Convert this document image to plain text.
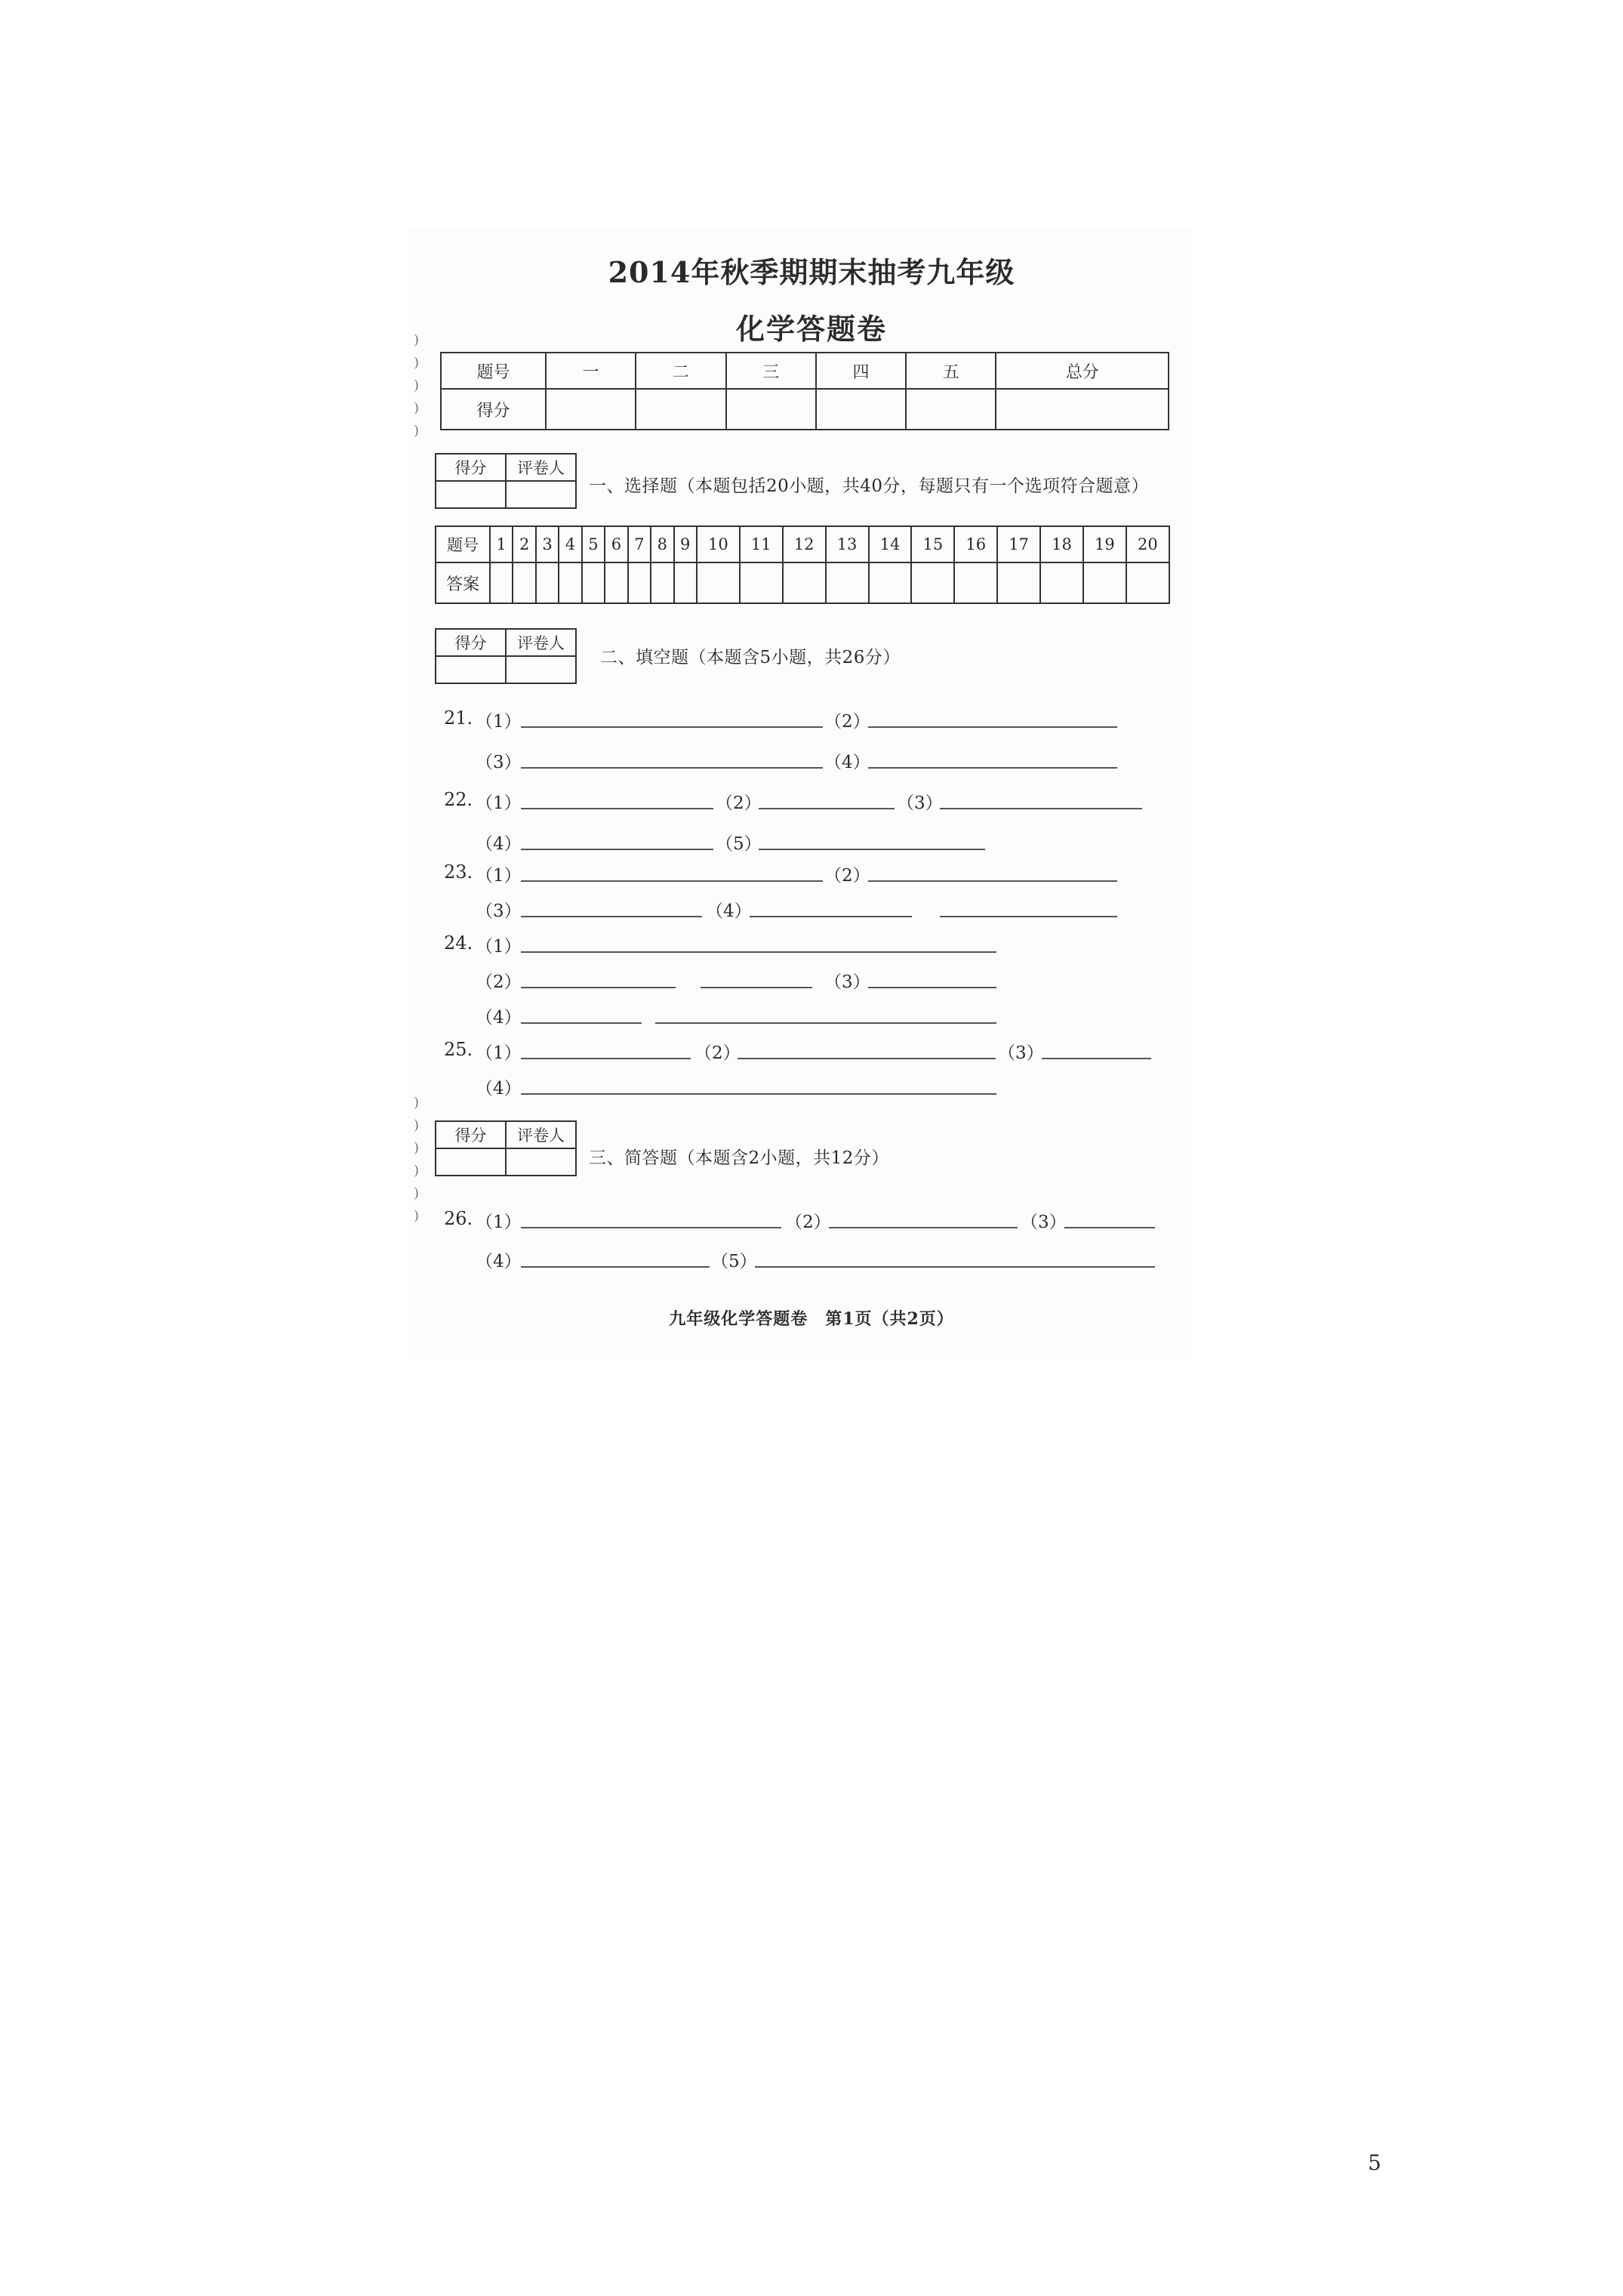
2014年秋季期期末抽考九年级
化学答题卷
)
)
)
)
)
)
)
)
)
)
)
题号	一	二	三	四	五	总分
得分						
得分	评卷人

一、选择题（本题包括20小题，共40分，每题只有一个选项符合题意）
题号	1	2	3	4	5	6	7	8	9	10	11	12	13	14	15	16	17	18	19	20
答案																				
得分	评卷人

二、填空题（本题含5小题，共26分）
21. （1）	（2）
（3）	（4）
22. （1）	（2）	（3）
（4）	（5）
23. （1）	（2）
（3）	（4）
24. （1）
（2）	（3）
（4）
25. （1）	（2）	（3）
（4）
得分	评卷人

三、简答题（本题含2小题，共12分）
26. （1）	（2）	（3）
（4）	（5）
九年级化学答题卷　第1页（共2页）
5
